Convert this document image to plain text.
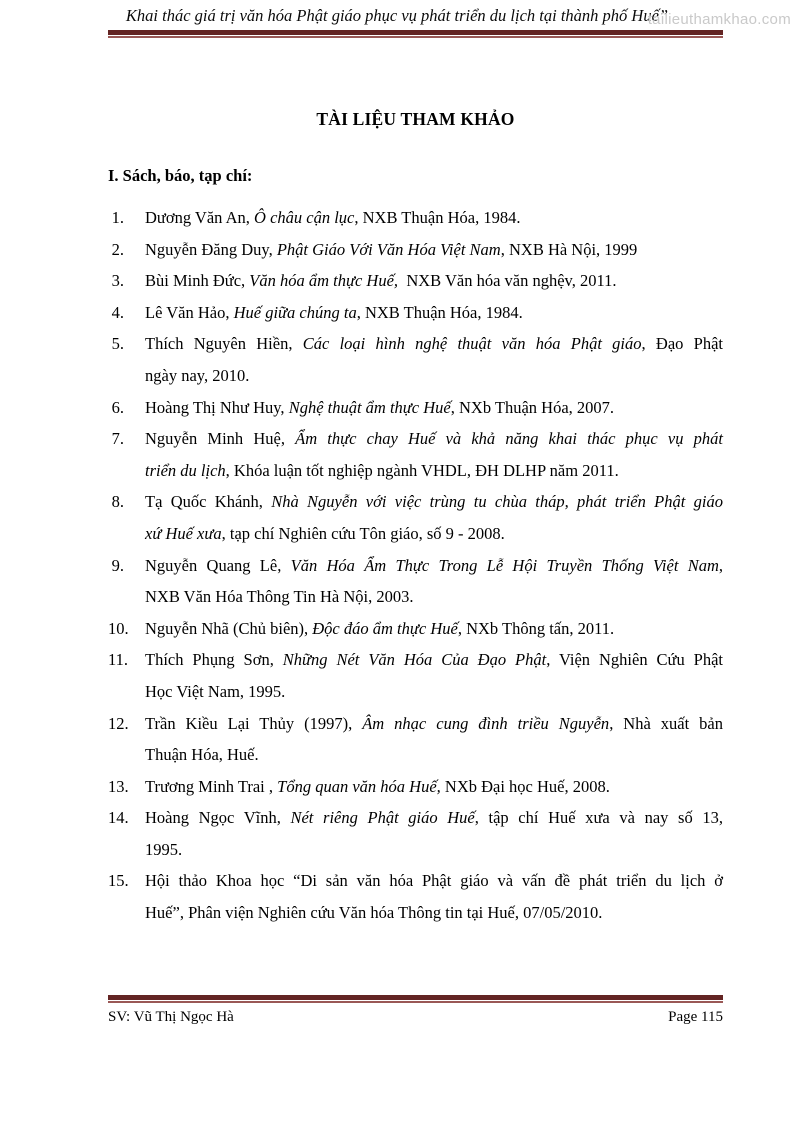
Khai thác giá trị văn hóa Phật giáo phục vụ phát triển du lịch tại thành phố Huế”
tailieuthamkhao.com
TÀI LIỆU THAM KHẢO
I. Sách, báo, tạp chí:
1. Dương Văn An, Ô châu cận lục, NXB Thuận Hóa, 1984.
2. Nguyễn Đăng Duy, Phật Giáo Với Văn Hóa Việt Nam, NXB Hà Nội, 1999
3. Bùi Minh Đức, Văn hóa ẩm thực Huế,  NXB Văn hóa văn nghệv, 2011.
4. Lê Văn Hảo, Huế giữa chúng ta, NXB Thuận Hóa, 1984.
5. Thích Nguyên Hiền, Các loại hình nghệ thuật văn hóa Phật giáo, Đạo Phật
ngày nay, 2010.
6. Hoàng Thị Như Huy, Nghệ thuật ẩm thực Huế, NXb Thuận Hóa, 2007.
7. Nguyễn Minh Huệ, Ẩm thực chay Huế và khả năng khai thác phục vụ phát
triển du lịch, Khóa luận tốt nghiệp ngành VHDL, ĐH DLHP năm 2011.
8. Tạ Quốc Khánh, Nhà Nguyễn với việc trùng tu chùa tháp, phát triển Phật giáo
xứ Huế xưa, tạp chí Nghiên cứu Tôn giáo, số 9 - 2008.
9. Nguyễn Quang Lê, Văn Hóa Ẩm Thực Trong Lễ Hội Truyền Thống Việt Nam,
NXB Văn Hóa Thông Tin Hà Nội, 2003.
10. Nguyễn Nhã (Chủ biên), Độc đáo ẩm thực Huế, NXb Thông tấn, 2011.
11. Thích Phụng Sơn, Những Nét Văn Hóa Của Đạo Phật, Viện Nghiên Cứu Phật
Học Việt Nam, 1995.
12. Trần Kiều Lại Thủy (1997), Âm nhạc cung đình triều Nguyễn, Nhà xuất bản
Thuận Hóa, Huế.
13. Trương Minh Trai , Tổng quan văn hóa Huế, NXb Đại học Huế, 2008.
14. Hoàng Ngọc Vĩnh, Nét riêng Phật giáo Huế, tập chí Huế xưa và nay số 13,
1995.
15. Hội thảo Khoa học “Di sản văn hóa Phật giáo và vấn đề phát triển du lịch ở
Huế”, Phân viện Nghiên cứu Văn hóa Thông tin tại Huế, 07/05/2010.
SV: Vũ Thị Ngọc Hà	Page 115
